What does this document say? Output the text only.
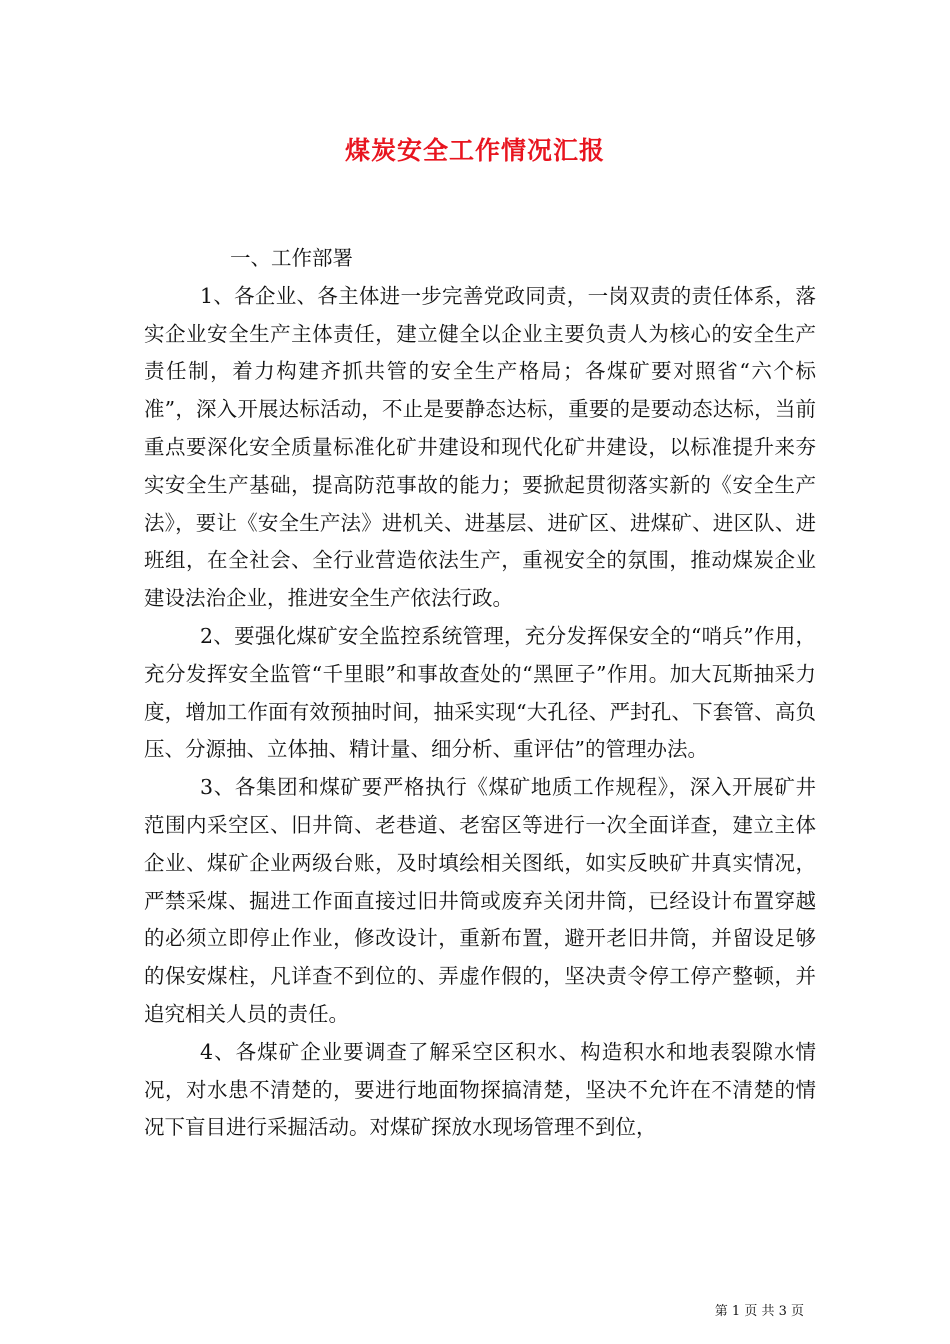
煤炭安全工作情况汇报

一、工作部署

1、各企业、各主体进一步完善党政同责，一岗双责的责任体系，落实企业安全生产主体责任，建立健全以企业主要负责人为核心的安全生产责任制，着力构建齐抓共管的安全生产格局；各煤矿要对照省“六个标准”，深入开展达标活动，不止是要静态达标，重要的是要动态达标，当前重点要深化安全质量标准化矿井建设和现代化矿井建设，以标准提升来夯实安全生产基础，提高防范事故的能力；要掀起贯彻落实新的《安全生产法》，要让《安全生产法》进机关、进基层、进矿区、进煤矿、进区队、进班组，在全社会、全行业营造依法生产，重视安全的氛围，推动煤炭企业建设法治企业，推进安全生产依法行政。

2、要强化煤矿安全监控系统管理，充分发挥保安全的“哨兵”作用，充分发挥安全监管“千里眼”和事故查处的“黑匣子”作用。加大瓦斯抽采力度，增加工作面有效预抽时间，抽采实现“大孔径、严封孔、下套管、高负压、分源抽、立体抽、精计量、细分析、重评估”的管理办法。

3、各集团和煤矿要严格执行《煤矿地质工作规程》，深入开展矿井范围内采空区、旧井筒、老巷道、老窑区等进行一次全面详查，建立主体企业、煤矿企业两级台账，及时填绘相关图纸，如实反映矿井真实情况，严禁采煤、掘进工作面直接过旧井筒或废弃关闭井筒，已经设计布置穿越的必须立即停止作业，修改设计，重新布置，避开老旧井筒，并留设足够的保安煤柱，凡详查不到位的、弄虚作假的，坚决责令停工停产整顿，并追究相关人员的责任。

4、各煤矿企业要调查了解采空区积水、构造积水和地表裂隙水情况，对水患不清楚的，要进行地面物探搞清楚，坚决不允许在不清楚的情况下盲目进行采掘活动。对煤矿探放水现场管理不到位，

第 1 页 共 3 页
